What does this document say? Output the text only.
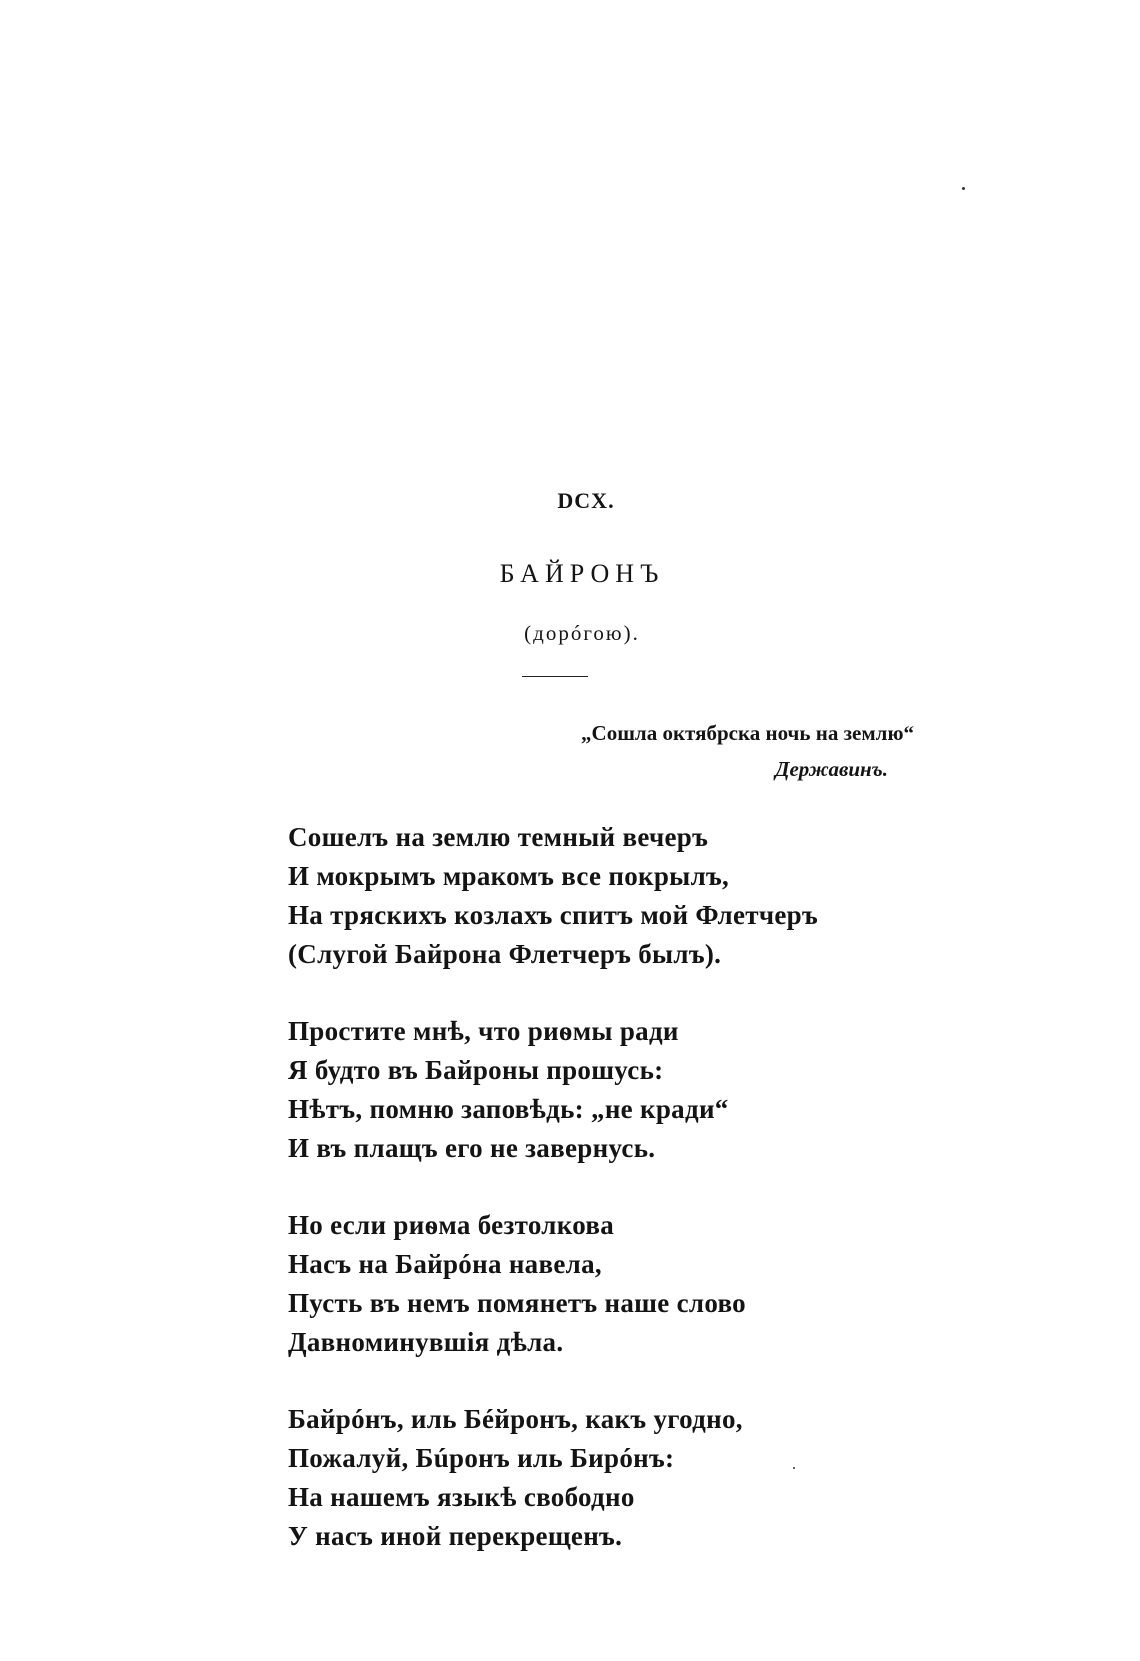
DCX.
БАЙРОНЪ
(дорóгою).
„Сошла октябрска ночь на землю“
Державинъ.
Сошелъ на землю темный вечеръ
И мокрымъ мракомъ все покрылъ,
На тряскихъ козлахъ спитъ мой Флетчеръ
(Слугой Байрона Флетчеръ былъ).
Простите мнѣ, что риѳмы ради
Я будто въ Байроны прошусь:
Нѣтъ, помню заповѣдь: „не кради“
И въ плащъ его не завернусь.
Но если риѳма безтолкова
Насъ на Байрóна навела,
Пусть въ немъ помянетъ наше слово
Давноминувшія дѣла.
Байрóнъ, иль Бéйронъ, какъ угодно,
Пожалуй, Бúронъ иль Бирóнъ:
На нашемъ языкѣ свободно
У насъ иной перекрещенъ.
